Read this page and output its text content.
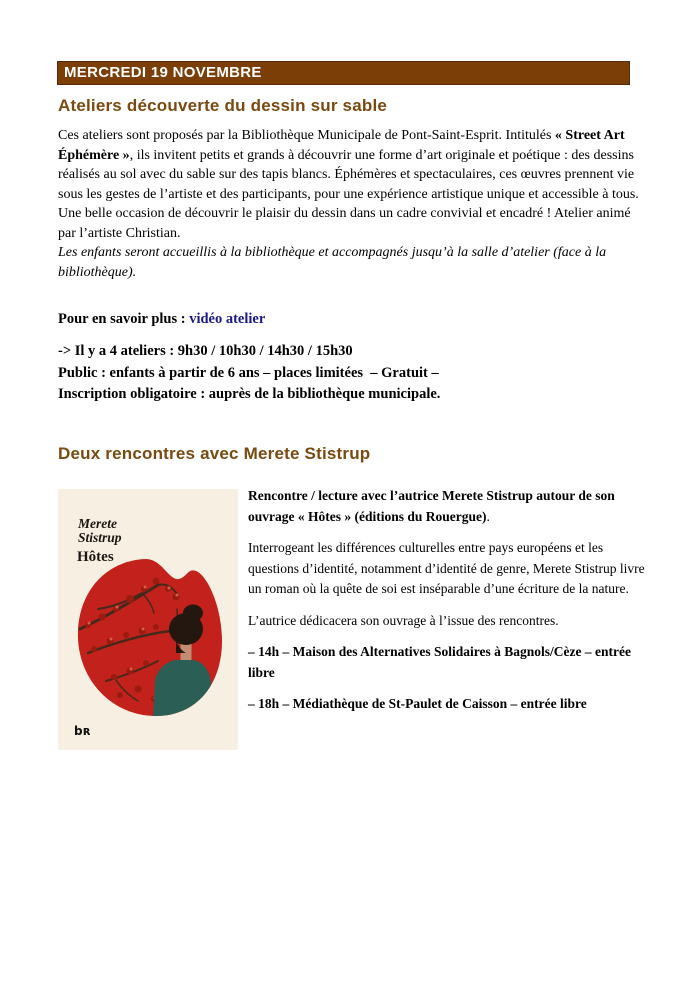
MERCREDI 19 NOVEMBRE
Ateliers découverte du dessin sur sable

Ces ateliers sont proposés par la Bibliothèque Municipale de Pont-Saint-Esprit. Intitulés « Street Art Éphémère », ils invitent petits et grands à découvrir une forme d’art originale et poétique : des dessins réalisés au sol avec du sable sur des tapis blancs. Éphémères et spectaculaires, ces œuvres prennent vie sous les gestes de l’artiste et des participants, pour une expérience artistique unique et accessible à tous.

Une belle occasion de découvrir le plaisir du dessin dans un cadre convivial et encadré ! Atelier animé par l’artiste Christian.

Les enfants seront accueillis à la bibliothèque et accompagnés jusqu’à la salle d’atelier (face à la bibliothèque).

Pour en savoir plus : vidéo atelier
-> Il y a 4 ateliers : 9h30 / 10h30 / 14h30 / 15h30
Public : enfants à partir de 6 ans – places limitées  – Gratuit –
Inscription obligatoire : auprès de la bibliothèque municipale.
Deux rencontres avec Merete Stistrup
Merete
Stistrup
Hôtes
bʀ

Rencontre / lecture avec l’autrice Merete Stistrup autour de son ouvrage « Hôtes » (éditions du Rouergue).

Interrogeant les différences culturelles entre pays européens et les questions d’identité, notamment d’identité de genre, Merete Stistrup livre un roman où la quête de soi est inséparable d’une écriture de la nature.

L’autrice dédicacera son ouvrage à l’issue des rencontres.

– 14h – Maison des Alternatives Solidaires à Bagnols/Cèze – entrée libre

– 18h – Médiathèque de St-Paulet de Caisson – entrée libre
